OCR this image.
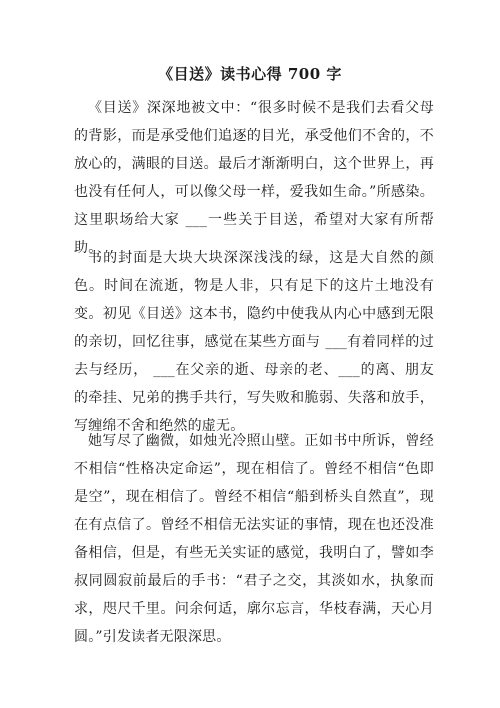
《目送》读书心得 700 字

《目送》深深地被文中：“很多时候不是我们去看父母的背影，而是承受他们追逐的目光，承受他们不舍的，不放心的，满眼的目送。最后才渐渐明白，这个世界上，再也没有任何人，可以像父母一样，爱我如生命。”所感染。这里职场给大家 ___一些关于目送，希望对大家有所帮助。

书的封面是大块大块深深浅浅的绿，这是大自然的颜色。时间在流逝，物是人非，只有足下的这片土地没有变。初见《目送》这本书，隐约中使我从内心中感到无限的亲切，回忆往事，感觉在某些方面与 ___有着同样的过去与经历， ___在父亲的逝、母亲的老、___的离、朋友的牵挂、兄弟的携手共行，写失败和脆弱、失落和放手，写缠绵不舍和绝然的虚无。

她写尽了幽微，如烛光冷照山壁。正如书中所诉，曾经不相信“性格决定命运”，现在相信了。曾经不相信“色即是空”，现在相信了。曾经不相信“船到桥头自然直”，现在有点信了。曾经不相信无法实证的事情，现在也还没准备相信，但是，有些无关实证的感觉，我明白了，譬如李叔同圆寂前最后的手书：“君子之交，其淡如水，执象而求，咫尺千里。问余何适，廓尔忘言，华枝春满，天心月圆。”引发读者无限深思。
